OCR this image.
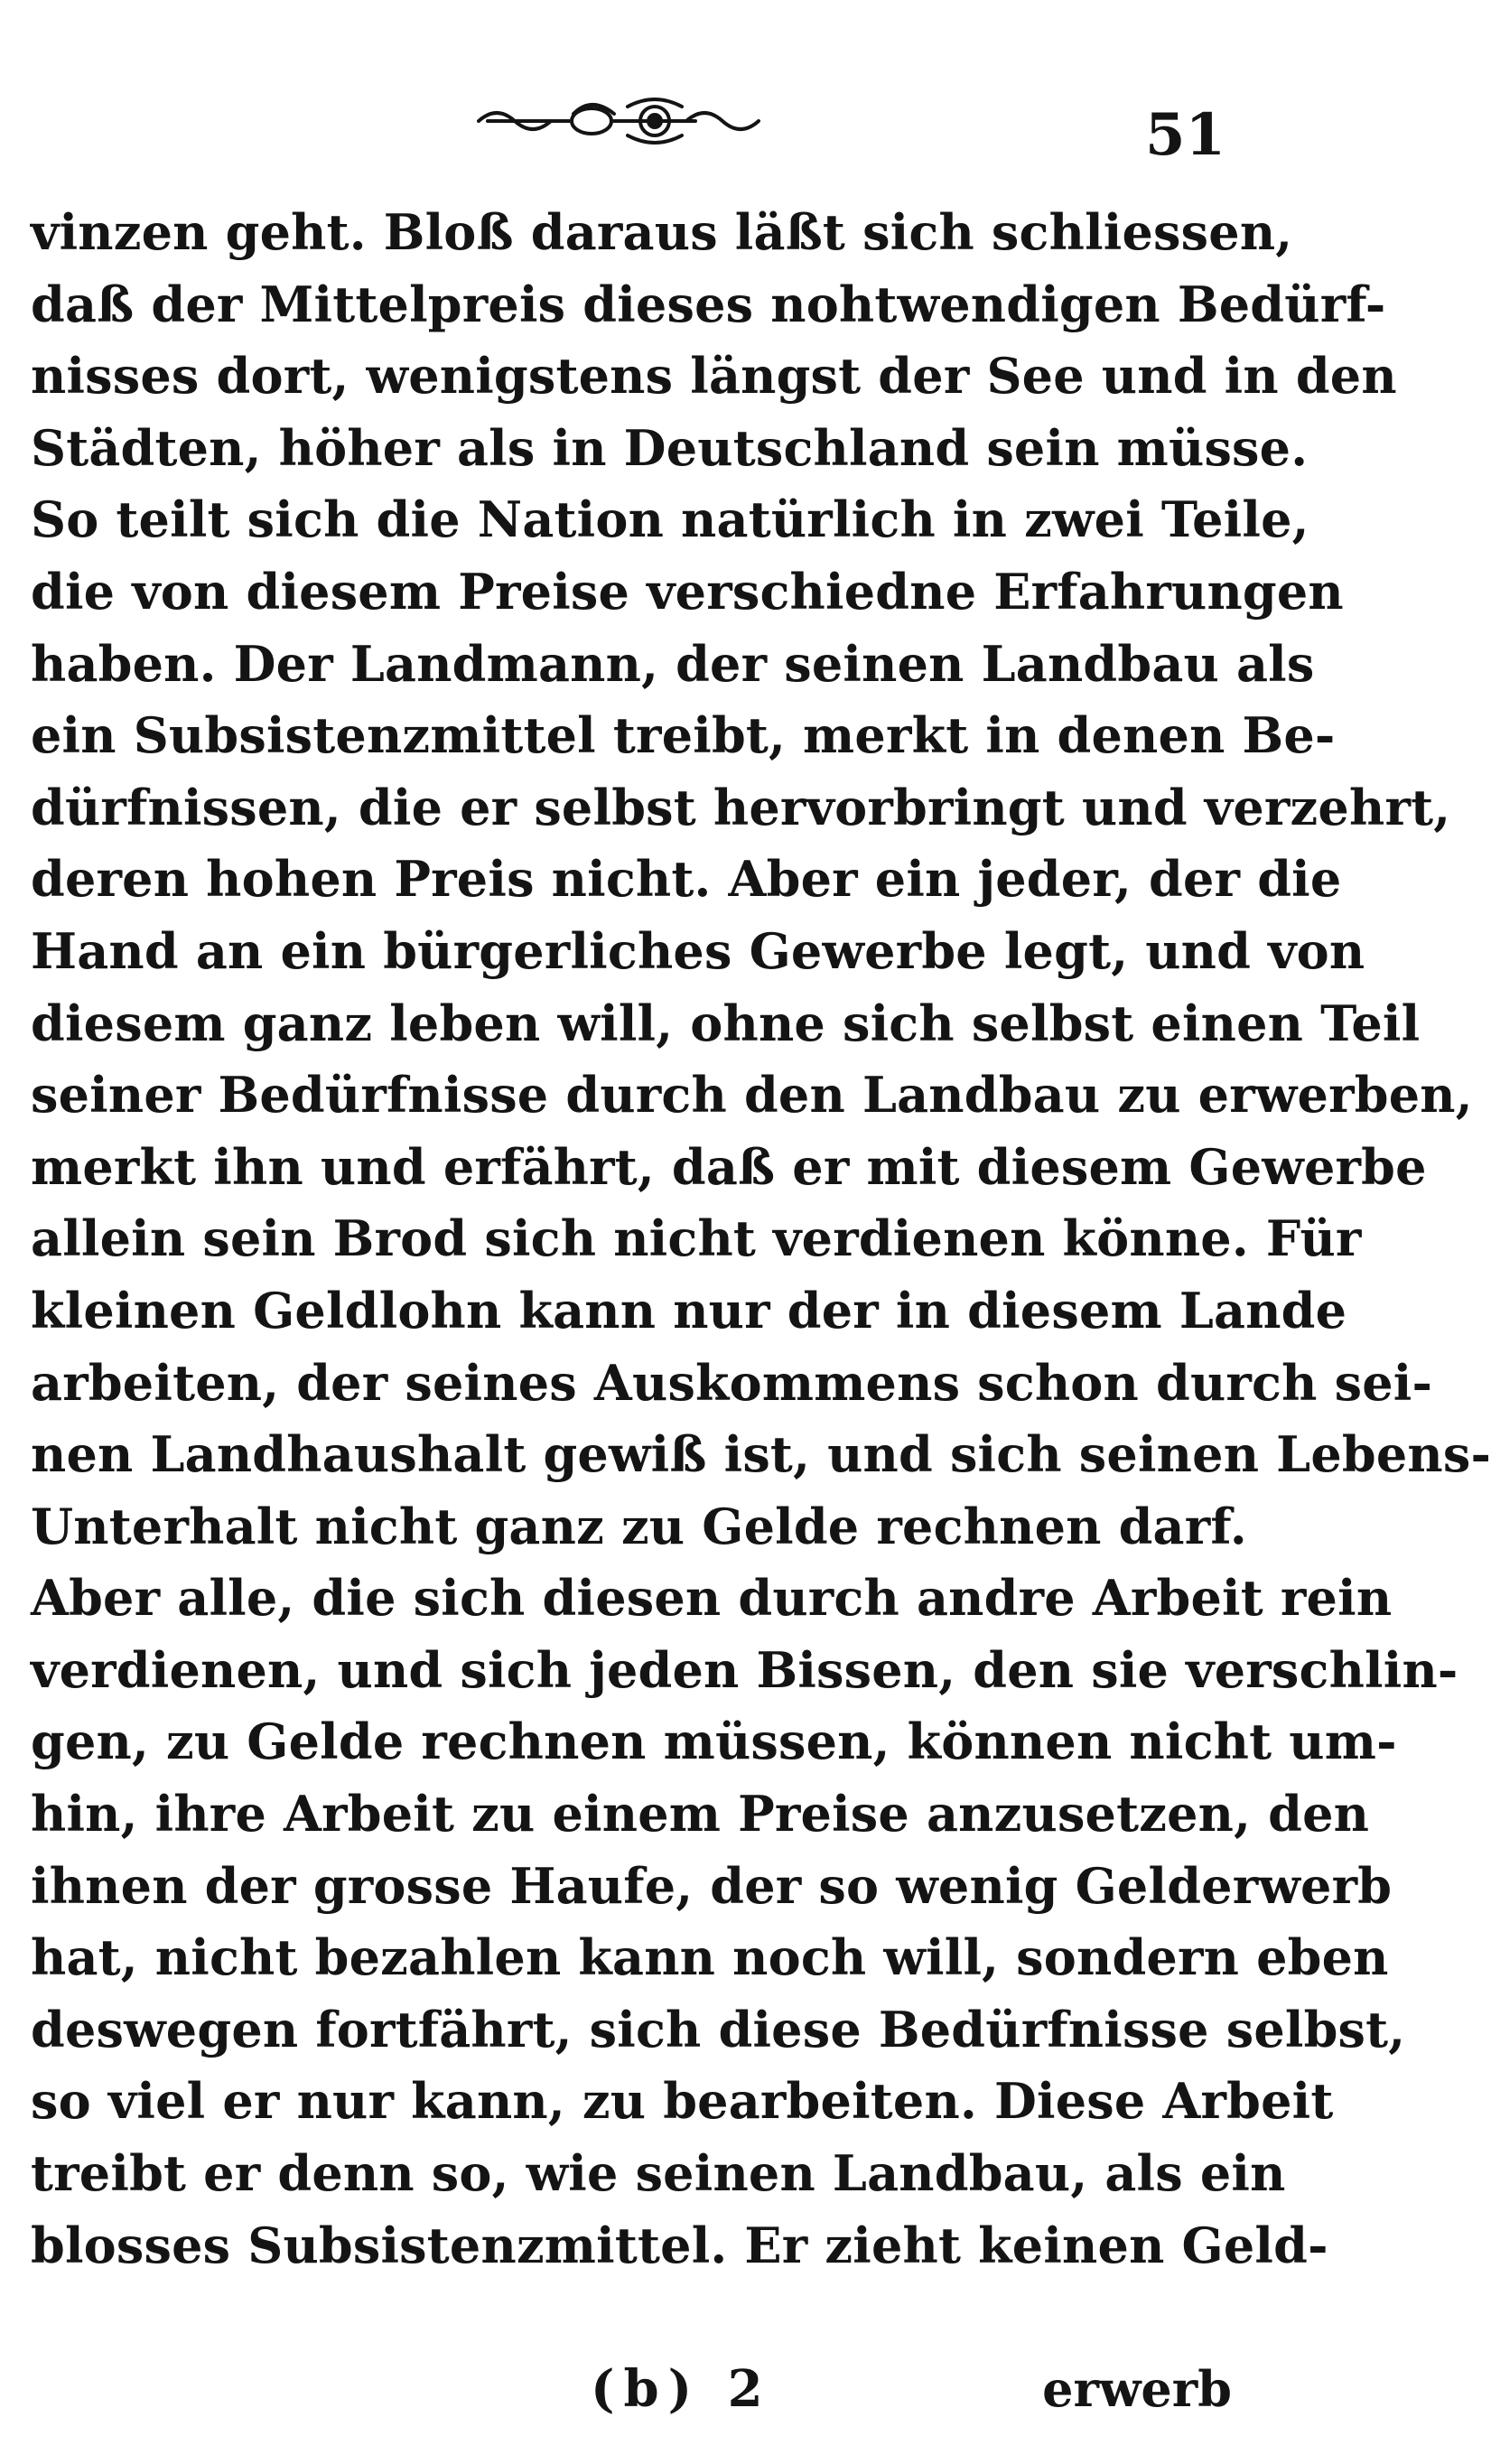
51
vinzen geht. Bloß daraus läßt sich schliessen,
daß der Mittelpreis dieses nohtwendigen Bedürf-
nisses dort, wenigstens längst der See und in den
Städten, höher als in Deutschland sein müsse.
So teilt sich die Nation natürlich in zwei Teile,
die von diesem Preise verschiedne Erfahrungen
haben. Der Landmann, der seinen Landbau als
ein Subsistenzmittel treibt, merkt in denen Be-
dürfnissen, die er selbst hervorbringt und verzehrt,
deren hohen Preis nicht. Aber ein jeder, der die
Hand an ein bürgerliches Gewerbe legt, und von
diesem ganz leben will, ohne sich selbst einen Teil
seiner Bedürfnisse durch den Landbau zu erwerben,
merkt ihn und erfährt, daß er mit diesem Gewerbe
allein sein Brod sich nicht verdienen könne. Für
kleinen Geldlohn kann nur der in diesem Lande
arbeiten, der seines Auskommens schon durch sei-
nen Landhaushalt gewiß ist, und sich seinen Lebens-
Unterhalt nicht ganz zu Gelde rechnen darf.
Aber alle, die sich diesen durch andre Arbeit rein
verdienen, und sich jeden Bissen, den sie verschlin-
gen, zu Gelde rechnen müssen, können nicht um-
hin, ihre Arbeit zu einem Preise anzusetzen, den
ihnen der grosse Haufe, der so wenig Gelderwerb
hat, nicht bezahlen kann noch will, sondern eben
deswegen fortfährt, sich diese Bedürfnisse selbst,
so viel er nur kann, zu bearbeiten. Diese Arbeit
treibt er denn so, wie seinen Landbau, als ein
blosses Subsistenzmittel. Er zieht keinen Geld-
(b) 2	erwerb
